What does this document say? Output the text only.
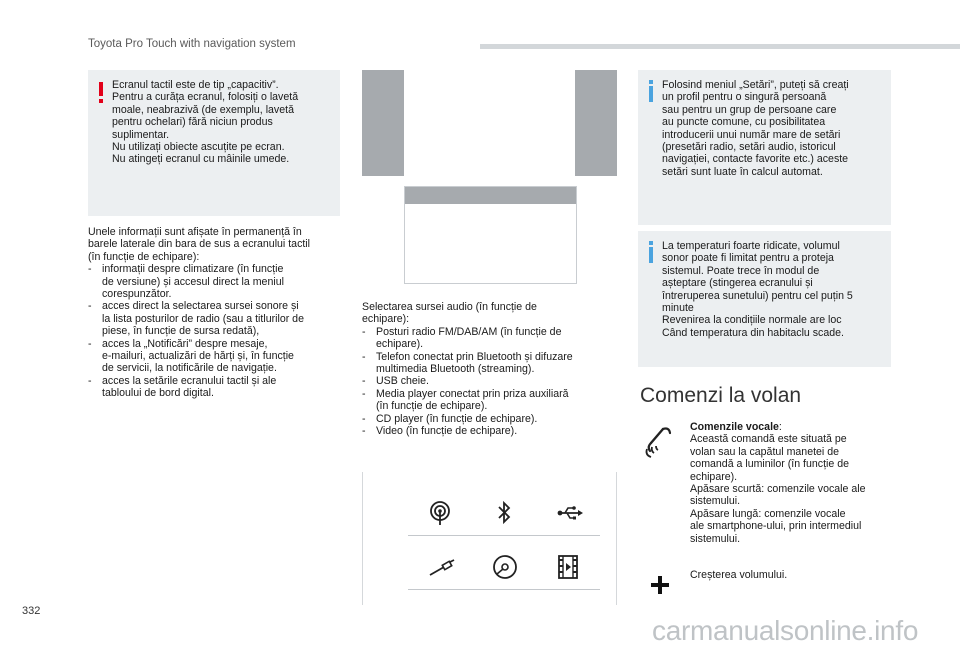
Toyota Pro Touch with navigation system
Ecranul tactil este de tip „capacitiv”.
Pentru a curăța ecranul, folosiți o lavetă
moale, neabrazivă (de exemplu, lavetă
pentru ochelari) fără niciun produs
suplimentar.
Nu utilizați obiecte ascuțite pe ecran.
Nu atingeți ecranul cu mâinile umede.
Unele informații sunt afișate în permanență în
barele laterale din bara de sus a ecranului tactil
(în funcție de echipare):
- informații despre climatizare (în funcție
de versiune) și accesul direct la meniul
corespunzător.
- acces direct la selectarea sursei sonore și
la lista posturilor de radio (sau a titlurilor de
piese, în funcție de sursa redată),
- acces la „Notificări” despre mesaje,
e-mailuri, actualizări de hărți și, în funcție
de servicii, la notificările de navigație.
- acces la setările ecranului tactil și ale
tabloului de bord digital.
Selectarea sursei audio (în funcție de
echipare):
- Posturi radio FM/DAB/AM (în funcție de
echipare).
- Telefon conectat prin Bluetooth și difuzare
multimedia Bluetooth (streaming).
- USB cheie.
- Media player conectat prin priza auxiliară
(în funcție de echipare).
- CD player (în funcție de echipare).
- Video (în funcție de echipare).
Folosind meniul „Setări”, puteți să creați
un profil pentru o singură persoană
sau pentru un grup de persoane care
au puncte comune, cu posibilitatea
introducerii unui număr mare de setări
(presetări radio, setări audio, istoricul
navigației, contacte favorite etc.) aceste
setări sunt luate în calcul automat.
La temperaturi foarte ridicate, volumul
sonor poate fi limitat pentru a proteja
sistemul. Poate trece în modul de
așteptare (stingerea ecranului și
întreruperea sunetului) pentru cel puțin 5
minute
Revenirea la condițiile normale are loc
Când temperatura din habitaclu scade.
Comenzi la volan
Comenzile vocale:
Această comandă este situată pe
volan sau la capătul manetei de
comandă a luminilor (în funcție de
echipare).
Apăsare scurtă: comenzile vocale ale
sistemului.
Apăsare lungă: comenzile vocale
ale smartphone-ului, prin intermediul
sistemului.
Creșterea volumului.
332
carmanualsonline.info
